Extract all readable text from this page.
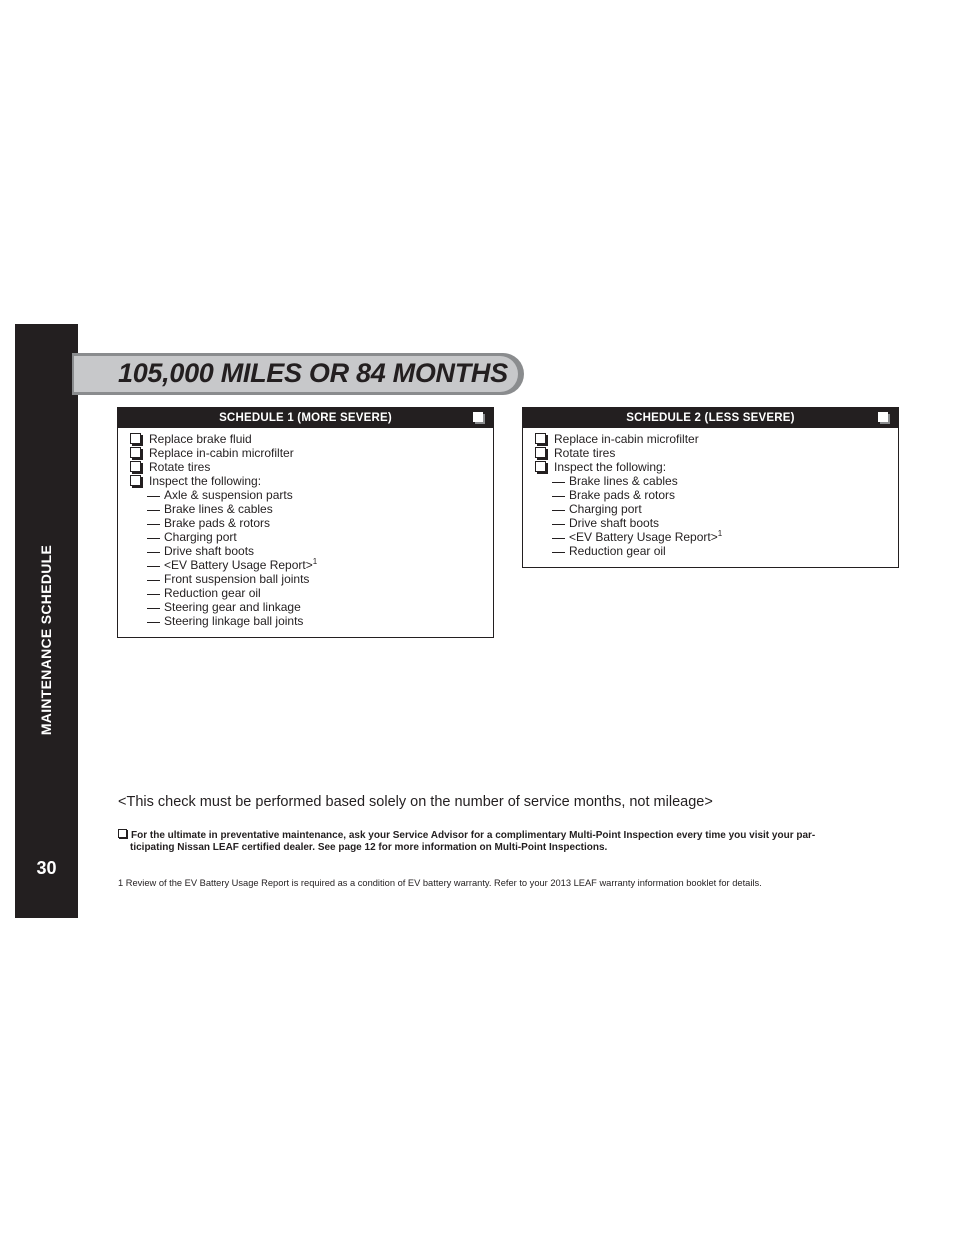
MAINTENANCE SCHEDULE
30
105,000 MILES OR 84 MONTHS
SCHEDULE 1 (MORE SEVERE)
Replace brake fluid
Replace in-cabin microfilter
Rotate tires
Inspect the following:
Axle & suspension parts
Brake lines & cables
Brake pads & rotors
Charging port
Drive shaft boots
<EV Battery Usage Report>$^1$
Front suspension ball joints
Reduction gear oil
Steering gear and linkage
Steering linkage ball joints
SCHEDULE 2 (LESS SEVERE)
Replace in-cabin microfilter
Rotate tires
Inspect the following:
Brake lines & cables
Brake pads & rotors
Charging port
Drive shaft boots
<EV Battery Usage Report>$^1$
Reduction gear oil
<This check must be performed based solely on the number of service months, not mileage>
For the ultimate in preventative maintenance, ask your Service Advisor for a complimentary Multi-Point Inspection every time you visit your par-
ticipating Nissan LEAF certified dealer. See page 12 for more information on Multi-Point Inspections.
1 Review of the EV Battery Usage Report is required as a condition of EV battery warranty. Refer to your 2013 LEAF warranty information booklet for details.
